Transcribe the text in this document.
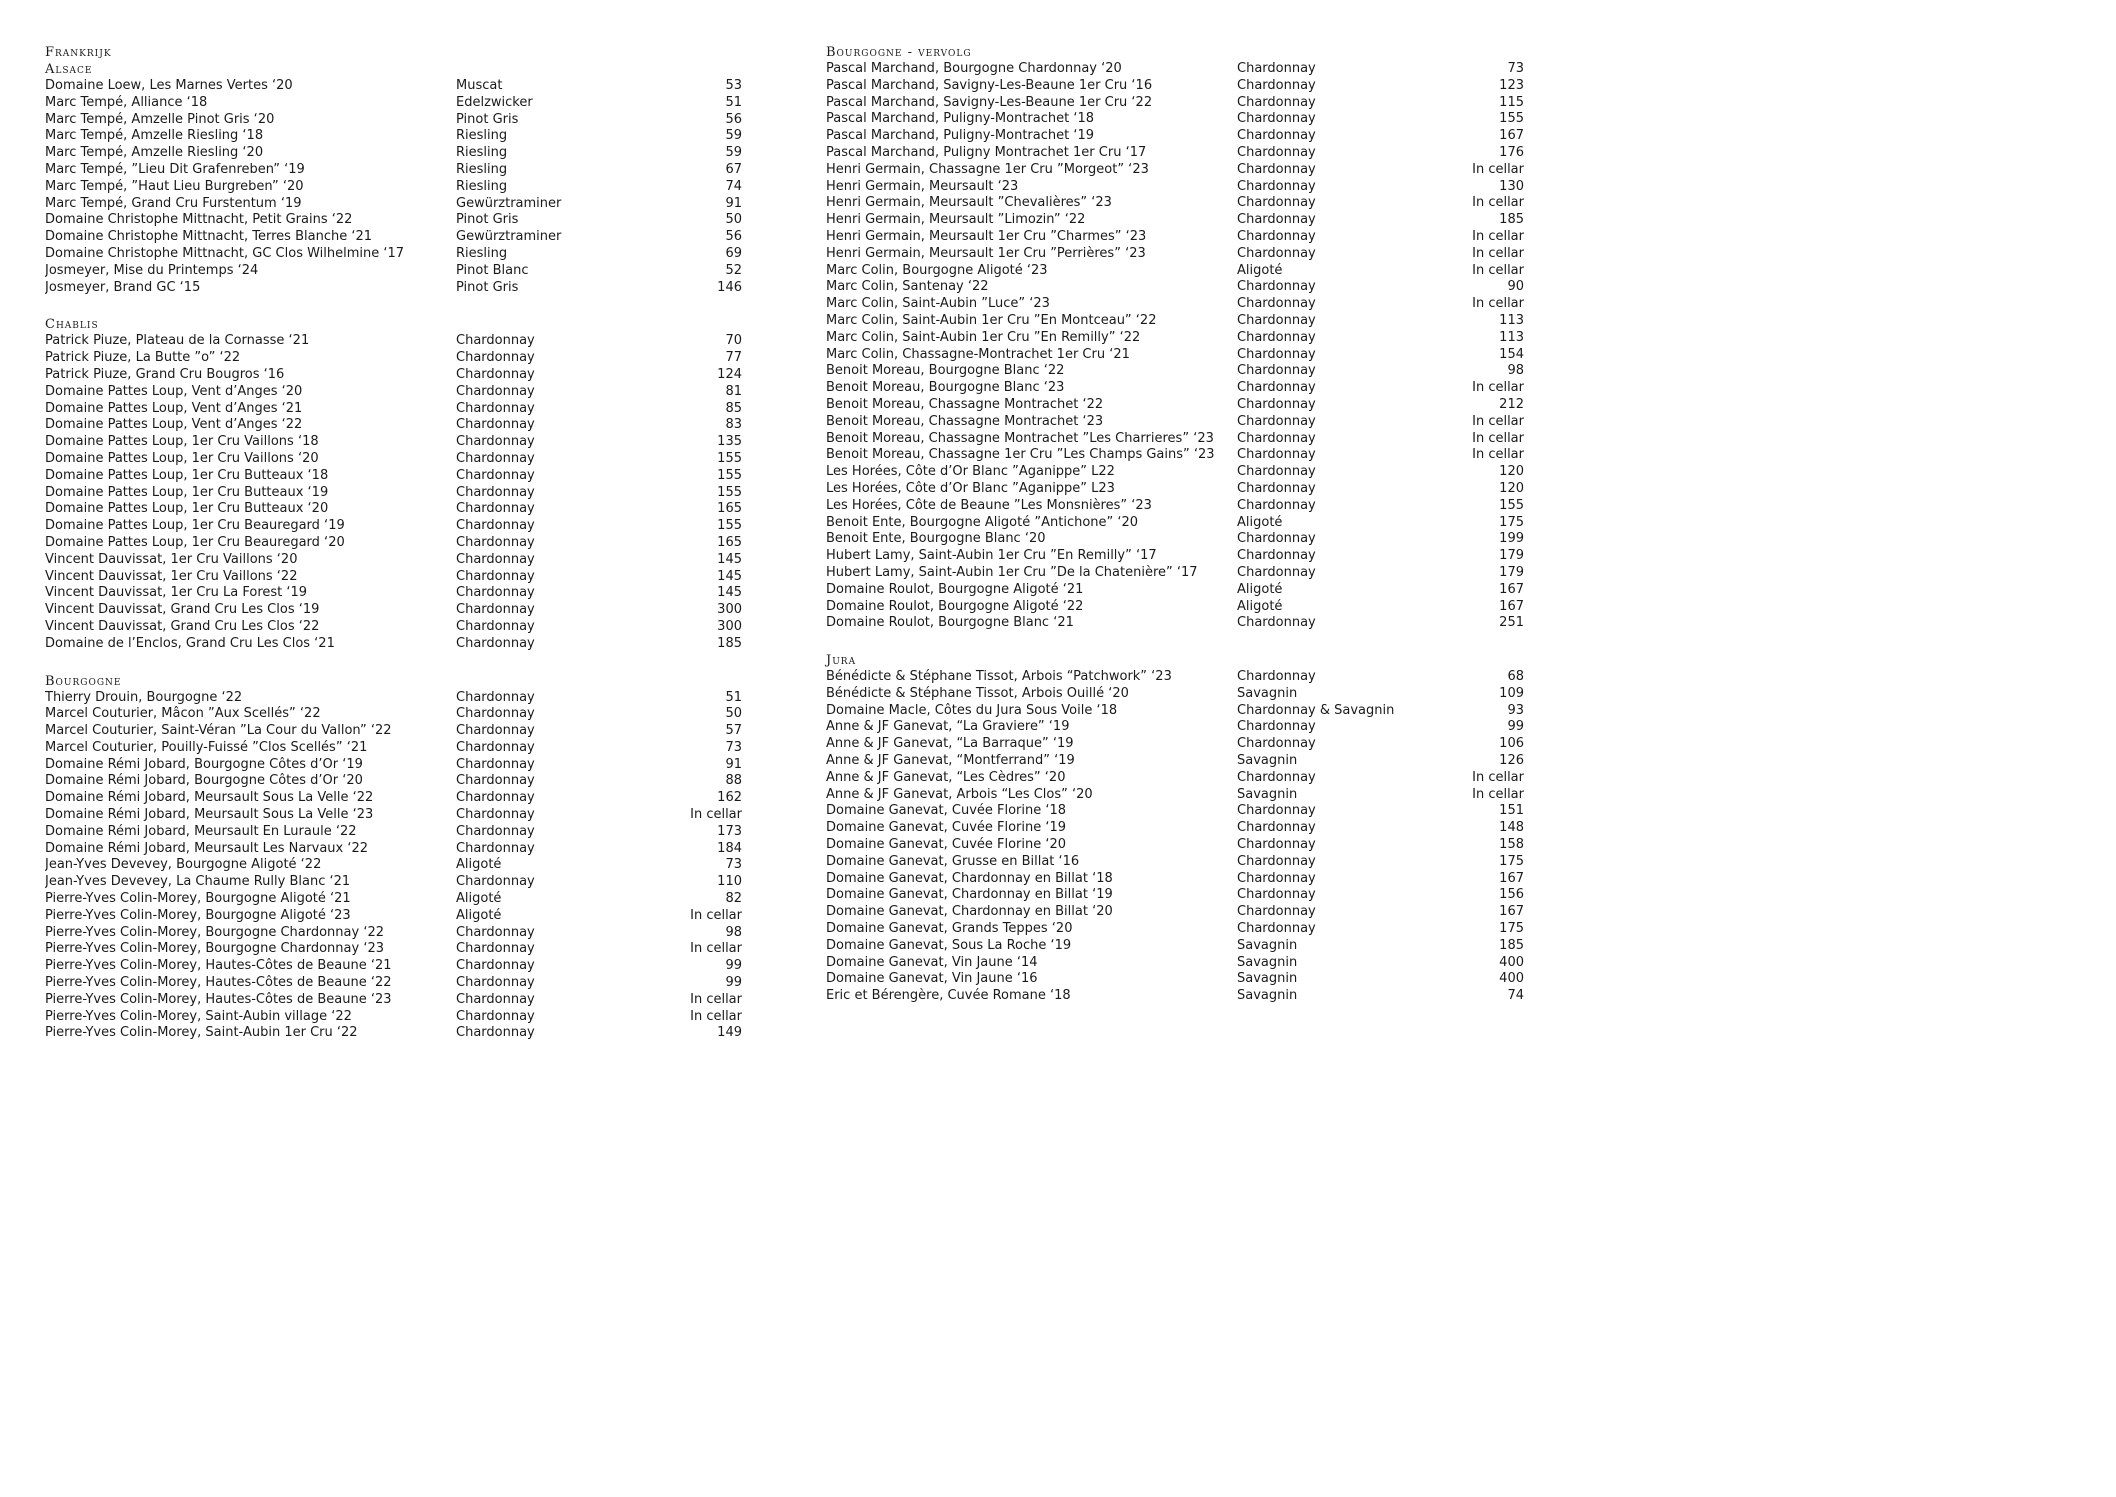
Frankrijk
Alsace
Domaine Loew, Les Marnes Vertes ‘20	Muscat	53
Marc Tempé, Alliance ‘18	Edelzwicker	51
Marc Tempé, Amzelle Pinot Gris ‘20	Pinot Gris	56
Marc Tempé, Amzelle Riesling ‘18	Riesling	59
Marc Tempé, Amzelle Riesling ‘20	Riesling	59
Marc Tempé, ”Lieu Dit Grafenreben” ‘19	Riesling	67
Marc Tempé, ”Haut Lieu Burgreben” ‘20	Riesling	74
Marc Tempé, Grand Cru Furstentum ‘19	Gewürztraminer	91
Domaine Christophe Mittnacht, Petit Grains ‘22	Pinot Gris	50
Domaine Christophe Mittnacht, Terres Blanche ‘21	Gewürztraminer	56
Domaine Christophe Mittnacht, GC Clos Wilhelmine ‘17	Riesling	69
Josmeyer, Mise du Printemps ‘24	Pinot Blanc	52
Josmeyer, Brand GC ‘15	Pinot Gris	146
Chablis
Patrick Piuze, Plateau de la Cornasse ‘21	Chardonnay	70
Patrick Piuze, La Butte ”o” ‘22	Chardonnay	77
Patrick Piuze, Grand Cru Bougros ‘16	Chardonnay	124
Domaine Pattes Loup, Vent d’Anges ‘20	Chardonnay	81
Domaine Pattes Loup, Vent d’Anges ‘21	Chardonnay	85
Domaine Pattes Loup, Vent d’Anges ‘22	Chardonnay	83
Domaine Pattes Loup, 1er Cru Vaillons ‘18	Chardonnay	135
Domaine Pattes Loup, 1er Cru Vaillons ‘20	Chardonnay	155
Domaine Pattes Loup, 1er Cru Butteaux ‘18	Chardonnay	155
Domaine Pattes Loup, 1er Cru Butteaux ‘19	Chardonnay	155
Domaine Pattes Loup, 1er Cru Butteaux ‘20	Chardonnay	165
Domaine Pattes Loup, 1er Cru Beauregard ‘19	Chardonnay	155
Domaine Pattes Loup, 1er Cru Beauregard ‘20	Chardonnay	165
Vincent Dauvissat, 1er Cru Vaillons ‘20	Chardonnay	145
Vincent Dauvissat, 1er Cru Vaillons ‘22	Chardonnay	145
Vincent Dauvissat, 1er Cru La Forest ‘19	Chardonnay	145
Vincent Dauvissat, Grand Cru Les Clos ‘19	Chardonnay	300
Vincent Dauvissat, Grand Cru Les Clos ‘22	Chardonnay	300
Domaine de l’Enclos, Grand Cru Les Clos ‘21	Chardonnay	185
Bourgogne
Thierry Drouin, Bourgogne ‘22	Chardonnay	51
Marcel Couturier, Mâcon ”Aux Scellés” ‘22	Chardonnay	50
Marcel Couturier, Saint-Véran ”La Cour du Vallon” ‘22	Chardonnay	57
Marcel Couturier, Pouilly-Fuissé ”Clos Scellés” ‘21	Chardonnay	73
Domaine Rémi Jobard, Bourgogne Côtes d’Or ‘19	Chardonnay	91
Domaine Rémi Jobard, Bourgogne Côtes d’Or ‘20	Chardonnay	88
Domaine Rémi Jobard, Meursault Sous La Velle ‘22	Chardonnay	162
Domaine Rémi Jobard, Meursault Sous La Velle ‘23	Chardonnay	In cellar
Domaine Rémi Jobard, Meursault En Luraule ‘22	Chardonnay	173
Domaine Rémi Jobard, Meursault Les Narvaux ‘22	Chardonnay	184
Jean-Yves Devevey, Bourgogne Aligoté ‘22	Aligoté	73
Jean-Yves Devevey, La Chaume Rully Blanc ‘21	Chardonnay	110
Pierre-Yves Colin-Morey, Bourgogne Aligoté ‘21	Aligoté	82
Pierre-Yves Colin-Morey, Bourgogne Aligoté ‘23	Aligoté	In cellar
Pierre-Yves Colin-Morey, Bourgogne Chardonnay ‘22	Chardonnay	98
Pierre-Yves Colin-Morey, Bourgogne Chardonnay ‘23	Chardonnay	In cellar
Pierre-Yves Colin-Morey, Hautes-Côtes de Beaune ‘21	Chardonnay	99
Pierre-Yves Colin-Morey, Hautes-Côtes de Beaune ‘22	Chardonnay	99
Pierre-Yves Colin-Morey, Hautes-Côtes de Beaune ‘23	Chardonnay	In cellar
Pierre-Yves Colin-Morey, Saint-Aubin village ‘22	Chardonnay	In cellar
Pierre-Yves Colin-Morey, Saint-Aubin 1er Cru ‘22	Chardonnay	149
Bourgogne - vervolg
Pascal Marchand, Bourgogne Chardonnay ‘20	Chardonnay	73
Pascal Marchand, Savigny-Les-Beaune 1er Cru ‘16	Chardonnay	123
Pascal Marchand, Savigny-Les-Beaune 1er Cru ‘22	Chardonnay	115
Pascal Marchand, Puligny-Montrachet ‘18	Chardonnay	155
Pascal Marchand, Puligny-Montrachet ‘19	Chardonnay	167
Pascal Marchand, Puligny Montrachet 1er Cru ‘17	Chardonnay	176
Henri Germain, Chassagne 1er Cru ”Morgeot” ‘23	Chardonnay	In cellar
Henri Germain, Meursault ‘23	Chardonnay	130
Henri Germain, Meursault ”Chevalières” ‘23	Chardonnay	In cellar
Henri Germain, Meursault ”Limozin” ‘22	Chardonnay	185
Henri Germain, Meursault 1er Cru ”Charmes” ‘23	Chardonnay	In cellar
Henri Germain, Meursault 1er Cru ”Perrières” ‘23	Chardonnay	In cellar
Marc Colin, Bourgogne Aligoté ‘23	Aligoté	In cellar
Marc Colin, Santenay ‘22	Chardonnay	90
Marc Colin, Saint-Aubin ”Luce” ‘23	Chardonnay	In cellar
Marc Colin, Saint-Aubin 1er Cru ”En Montceau” ‘22	Chardonnay	113
Marc Colin, Saint-Aubin 1er Cru ”En Remilly” ‘22	Chardonnay	113
Marc Colin, Chassagne-Montrachet 1er Cru ‘21	Chardonnay	154
Benoit Moreau, Bourgogne Blanc ‘22	Chardonnay	98
Benoit Moreau, Bourgogne Blanc ‘23	Chardonnay	In cellar
Benoit Moreau, Chassagne Montrachet ‘22	Chardonnay	212
Benoit Moreau, Chassagne Montrachet ‘23	Chardonnay	In cellar
Benoit Moreau, Chassagne Montrachet ”Les Charrieres” ‘23	Chardonnay	In cellar
Benoit Moreau, Chassagne 1er Cru ”Les Champs Gains” ‘23	Chardonnay	In cellar
Les Horées, Côte d’Or Blanc ”Aganippe” L22	Chardonnay	120
Les Horées, Côte d’Or Blanc ”Aganippe” L23	Chardonnay	120
Les Horées, Côte de Beaune ”Les Monsnières” ‘23	Chardonnay	155
Benoit Ente, Bourgogne Aligoté ”Antichone” ‘20	Aligoté	175
Benoit Ente, Bourgogne Blanc ‘20	Chardonnay	199
Hubert Lamy, Saint-Aubin 1er Cru ”En Remilly” ‘17	Chardonnay	179
Hubert Lamy, Saint-Aubin 1er Cru ”De la Chatenière” ‘17	Chardonnay	179
Domaine Roulot, Bourgogne Aligoté ‘21	Aligoté	167
Domaine Roulot, Bourgogne Aligoté ‘22	Aligoté	167
Domaine Roulot, Bourgogne Blanc ‘21	Chardonnay	251
Jura
Bénédicte & Stéphane Tissot, Arbois “Patchwork” ‘23	Chardonnay	68
Bénédicte & Stéphane Tissot, Arbois Ouillé ‘20	Savagnin	109
Domaine Macle, Côtes du Jura Sous Voile ‘18	Chardonnay & Savagnin	93
Anne & JF Ganevat, “La Graviere” ‘19	Chardonnay	99
Anne & JF Ganevat, “La Barraque” ‘19	Chardonnay	106
Anne & JF Ganevat, “Montferrand” ‘19	Savagnin	126
Anne & JF Ganevat, “Les Cèdres” ‘20	Chardonnay	In cellar
Anne & JF Ganevat, Arbois “Les Clos” ‘20	Savagnin	In cellar
Domaine Ganevat, Cuvée Florine ‘18	Chardonnay	151
Domaine Ganevat, Cuvée Florine ‘19	Chardonnay	148
Domaine Ganevat, Cuvée Florine ‘20	Chardonnay	158
Domaine Ganevat, Grusse en Billat ‘16	Chardonnay	175
Domaine Ganevat, Chardonnay en Billat ‘18	Chardonnay	167
Domaine Ganevat, Chardonnay en Billat ‘19	Chardonnay	156
Domaine Ganevat, Chardonnay en Billat ‘20	Chardonnay	167
Domaine Ganevat, Grands Teppes ‘20	Chardonnay	175
Domaine Ganevat, Sous La Roche ‘19	Savagnin	185
Domaine Ganevat, Vin Jaune ‘14	Savagnin	400
Domaine Ganevat, Vin Jaune ‘16	Savagnin	400
Eric et Bérengère, Cuvée Romane ‘18	Savagnin	74
